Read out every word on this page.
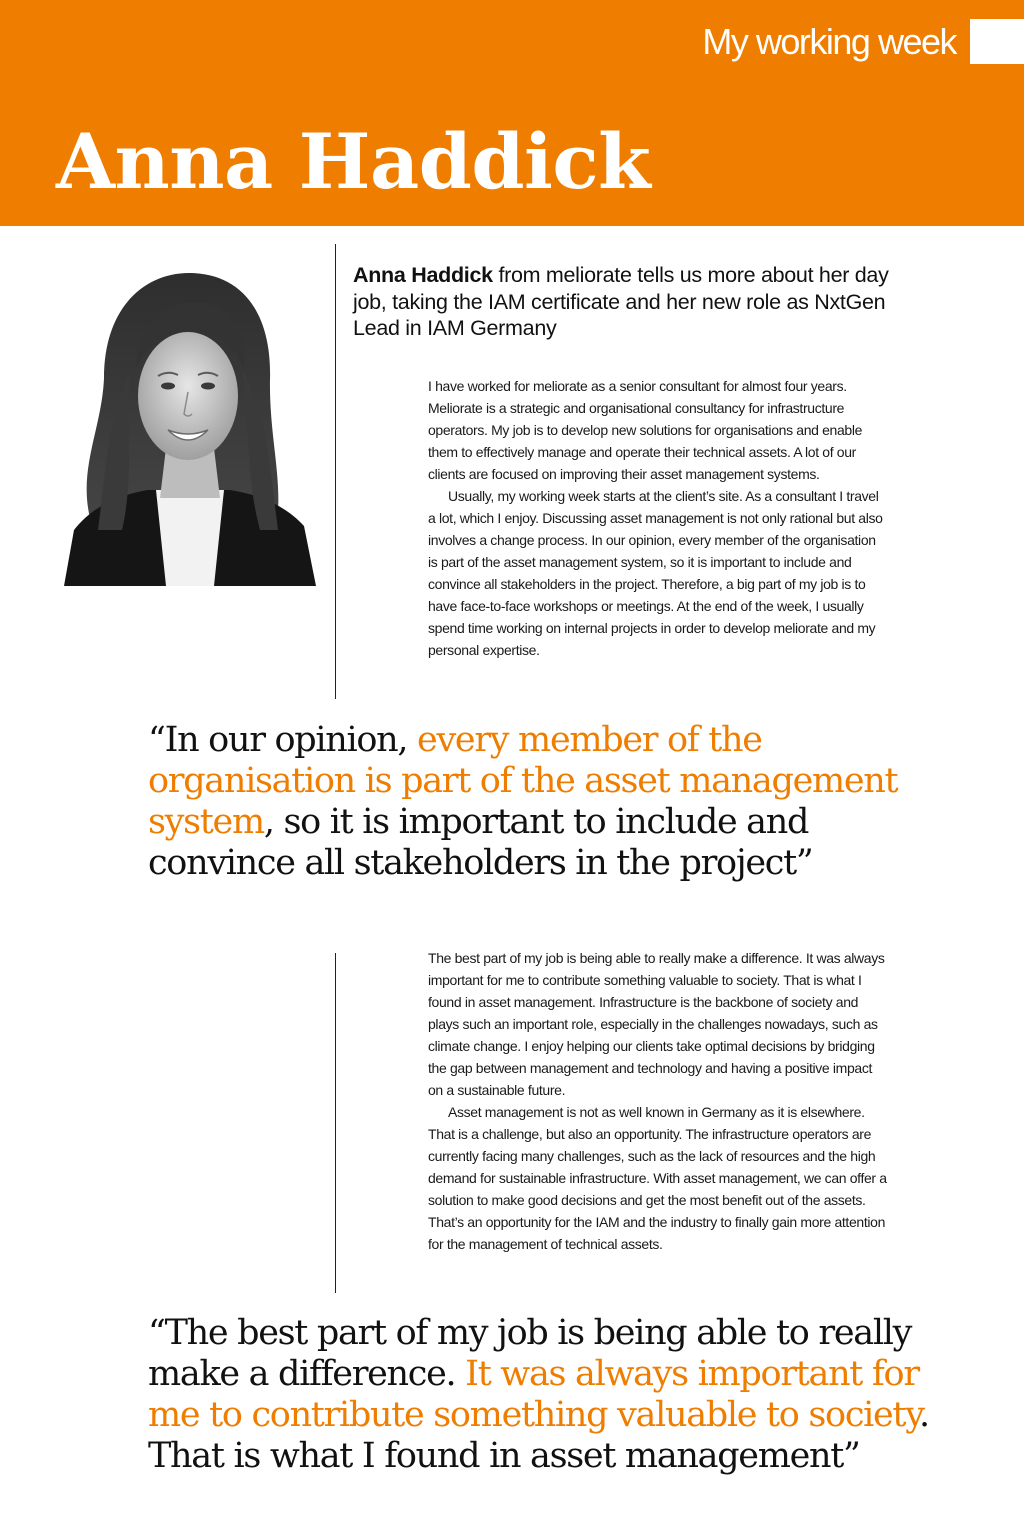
My working week
Anna Haddick

Anna Haddick from meliorate tells us more about her day job, taking the IAM certificate and her new role as NxtGen Lead in IAM Germany

I have worked for meliorate as a senior consultant for almost four years. Meliorate is a strategic and organisational consultancy for infrastructure operators. My job is to develop new solutions for organisations and enable them to effectively manage and operate their technical assets. A lot of our clients are focused on improving their asset management systems.

Usually, my working week starts at the client’s site. As a consultant I travel a lot, which I enjoy. Discussing asset management is not only rational but also involves a change process. In our opinion, every member of the organisation is part of the asset management system, so it is important to include and convince all stakeholders in the project. Therefore, a big part of my job is to have face-to-face workshops or meetings. At the end of the week, I usually spend time working on internal projects in order to develop meliorate and my personal expertise.

“In our opinion, every member of the organisation is part of the asset management system, so it is important to include and convince all stakeholders in the project”

The best part of my job is being able to really make a difference. It was always important for me to contribute something valuable to society. That is what I found in asset management. Infrastructure is the backbone of society and plays such an important role, especially in the challenges nowadays, such as climate change. I enjoy helping our clients take optimal decisions by bridging the gap between management and technology and having a positive impact on a sustainable future.

Asset management is not as well known in Germany as it is elsewhere. That is a challenge, but also an opportunity. The infrastructure operators are currently facing many challenges, such as the lack of resources and the high demand for sustainable infrastructure. With asset management, we can offer a solution to make good decisions and get the most benefit out of the assets. That’s an opportunity for the IAM and the industry to finally gain more attention for the management of technical assets.

“The best part of my job is being able to really make a difference. It was always important for me to contribute something valuable to society. That is what I found in asset management”
